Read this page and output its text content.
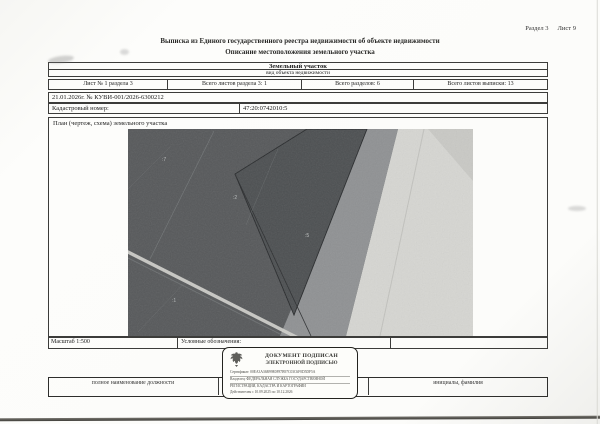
Раздел 3 Лист 9
Выписка из Единого государственного реестра недвижимости об объекте недвижимости
Описание местоположения земельного участка
Земельный участок
вид объекта недвижимости
Лист № 1 раздела 3	Всего листов раздела 3: 1	Всего разделов: 6	Всего листов выписки: 13
21.01.2026г. № КУВИ-001/2026-6300212
Кадастровый номер:	47:20:0742010:5
План (чертеж, схема) земельного участка
:7
:2
:5
:1
Масштаб 1:500	Условные обозначения:
полное наименование должности	инициалы, фамилия
ДОКУМЕНТ ПОДПИСАН
ЭЛЕКТРОННОЙ ПОДПИСЬЮ
Сертификат: 00EA3A36B99E0F87B97C03C6F0D5DF5A
Владелец: ФЕДЕРАЛЬНАЯ СЛУЖБА ГОСУДАРСТВЕННОЙ
РЕГИСТРАЦИИ, КАДАСТРА И КАРТОГРАФИИ
Действителен с 10.09.2025 по 10.12.2026
